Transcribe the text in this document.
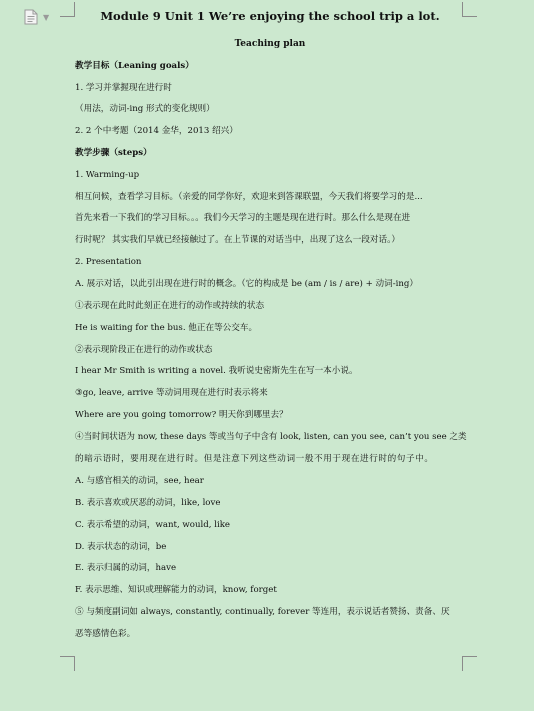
▼	Module 9 Unit 1 We’re enjoying the school trip a lot.
Teaching plan
教学目标（Leaning goals）
1. 学习并掌握现在进行时
（用法，动词-ing 形式的变化规则）
2. 2 个中考题（2014 金华，2013 绍兴）
教学步骤（steps）
1. Warming-up
相互问候，查看学习目标。（亲爱的同学你好，欢迎来到答课联盟，今天我们将要学习的是...
首先来看一下我们的学习目标。。。我们今天学习的主题是现在进行时。那么什么是现在进
行时呢？ 其实我们早就已经接触过了。在上节课的对话当中，出现了这么一段对话。）
2. Presentation
A. 展示对话，以此引出现在进行时的概念。（它的构成是 be (am / is / are) + 动词-ing）
①表示现在此时此刻正在进行的动作或持续的状态
He is waiting for the bus. 他正在等公交车。
②表示现阶段正在进行的动作或状态
I hear Mr Smith is writing a novel. 我听说史密斯先生在写一本小说。
③go, leave, arrive 等动词用现在进行时表示将来
Where are you going tomorrow? 明天你到哪里去？
④当时间状语为 now, these days 等或当句子中含有 look, listen, can you see, can’t you see 之类
的暗示语时，要用现在进行时。但是注意下列这些动词一般不用于现在进行时的句子中。
A. 与感官相关的动词，see, hear
B. 表示喜欢或厌恶的动词，like, love
C. 表示希望的动词，want, would, like
D. 表示状态的动词，be
E. 表示归属的动词，have
F. 表示思维、知识或理解能力的动词，know, forget
⑤ 与频度副词如 always, constantly, continually, forever 等连用，表示说话者赞扬、责备、厌
恶等感情色彩。
